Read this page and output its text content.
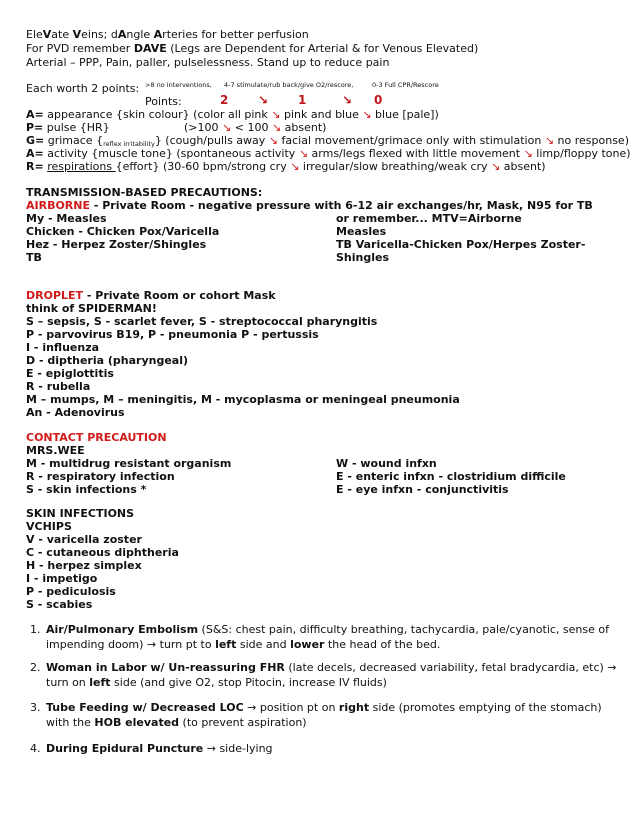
EleVate Veins; dAngle Arteries for better perfusion
For PVD remember DAVE (Legs are Dependent for Arterial & for Venous Elevated)
Arterial – PPP, Pain, paller, pulselessness. Stand up to reduce pain
Each worth 2 points: >8 no interventions, 4-7 stimulate/rub back/give O2/rescore,	0-3 Full CPR/Rescore
Points:	2 ↘ 1	↘ 0
A= appearance {skin colour} (color all pink ↘ pink and blue ↘ blue [pale])
P= pulse {HR}	(>100 ↘ < 100 ↘ absent)
G= grimace $\{_{reflex irritability}\}$ (cough/pulls away ↘ facial movement/grimace only with stimulation ↘ no response)
A= activity {muscle tone} (spontaneous activity ↘ arms/legs flexed with little movement ↘ limp/floppy tone)
R= respirations {effort} (30-60 bpm/strong cry ↘ irregular/slow breathing/weak cry ↘ absent)
TRANSMISSION-BASED PRECAUTIONS:
AIRBORNE - Private Room - negative pressure with 6-12 air exchanges/hr, Mask, N95 for TB
My - Measles
Chicken - Chicken Pox/Varicella
Hez - Herpez Zoster/Shingles
TB
or remember... MTV=Airborne
Measles
TB Varicella-Chicken Pox/Herpes Zoster-
Shingles
DROPLET - Private Room or cohort Mask
think of SPIDERMAN!
S – sepsis, S - scarlet fever, S - streptococcal pharyngitis
P - parvovirus B19, P - pneumonia P - pertussis
I - influenza
D - diptheria (pharyngeal)
E - epiglottitis
R - rubella
M – mumps, M – meningitis, M - mycoplasma or meningeal pneumonia
An - Adenovirus
CONTACT PRECAUTION
MRS.WEE
M - multidrug resistant organism
R - respiratory infection
S - skin infections *
W - wound infxn
E - enteric infxn - clostridium difficile
E - eye infxn - conjunctivitis
SKIN INFECTIONS
VCHIPS
V - varicella zoster
C - cutaneous diphtheria
H - herpez simplex
I - impetigo
P - pediculosis
S - scabies
1. Air/Pulmonary Embolism (S&S: chest pain, difficulty breathing, tachycardia, pale/cyanotic, sense of impending doom) → turn pt to left side and lower the head of the bed.
2. Woman in Labor w/ Un-reassuring FHR (late decels, decreased variability, fetal bradycardia, etc) → turn on left side (and give O2, stop Pitocin, increase IV fluids)
3. Tube Feeding w/ Decreased LOC → position pt on right side (promotes emptying of the stomach) with the HOB elevated (to prevent aspiration)
4. During Epidural Puncture → side-lying
